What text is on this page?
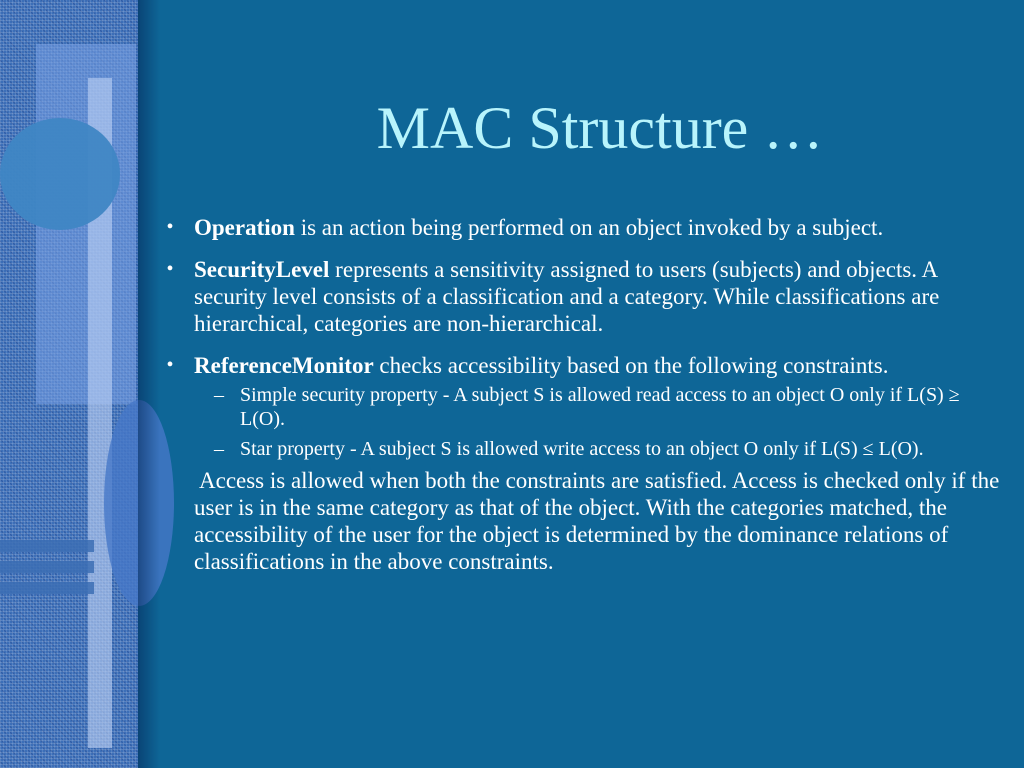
MAC Structure …
• Operation is an action being performed on an object invoked by a subject.
• SecurityLevel represents a sensitivity assigned to users (subjects) and objects. A security level consists of a classification and a category. While classifications are hierarchical, categories are non-hierarchical.
• ReferenceMonitor checks accessibility based on the following constraints.
– Simple security property - A subject S is allowed read access to an object O only if L(S) ≥ L(O).
– Star property - A subject S is allowed write access to an object O only if L(S) ≤ L(O).
Access is allowed when both the constraints are satisfied. Access is checked only if the user is in the same category as that of the object. With the categories matched, the accessibility of the user for the object is determined by the dominance relations of classifications in the above constraints.
